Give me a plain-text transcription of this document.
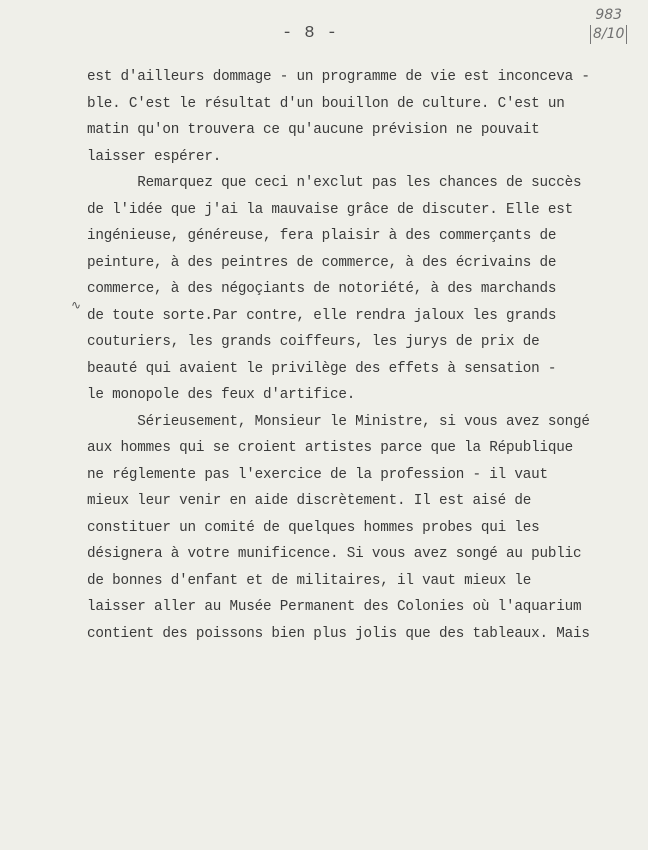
- 8 -
983
8/10
∿
est d'ailleurs dommage - un programme de vie est inconceva -
ble. C'est le résultat d'un bouillon de culture. C'est un
matin qu'on trouvera ce qu'aucune prévision ne pouvait
laisser espérer.
Remarquez que ceci n'exclut pas les chances de succès
de l'idée que j'ai la mauvaise grâce de discuter. Elle est
ingénieuse, généreuse, fera plaisir à des commerçants de
peinture, à des peintres de commerce, à des écrivains de
commerce, à des négoçiants de notoriété, à des marchands
de toute sorte.Par contre, elle rendra jaloux les grands
couturiers, les grands coiffeurs, les jurys de prix de
beauté qui avaient le privilège des effets à sensation -
le monopole des feux d'artifice.
Sérieusement, Monsieur le Ministre, si vous avez songé
aux hommes qui se croient artistes parce que la République
ne réglemente pas l'exercice de la profession - il vaut
mieux leur venir en aide discrètement. Il est aisé de
constituer un comité de quelques hommes probes qui les
désignera à votre munificence. Si vous avez songé au public
de bonnes d'enfant et de militaires, il vaut mieux le
laisser aller au Musée Permanent des Colonies où l'aquarium
contient des poissons bien plus jolis que des tableaux. Mais
